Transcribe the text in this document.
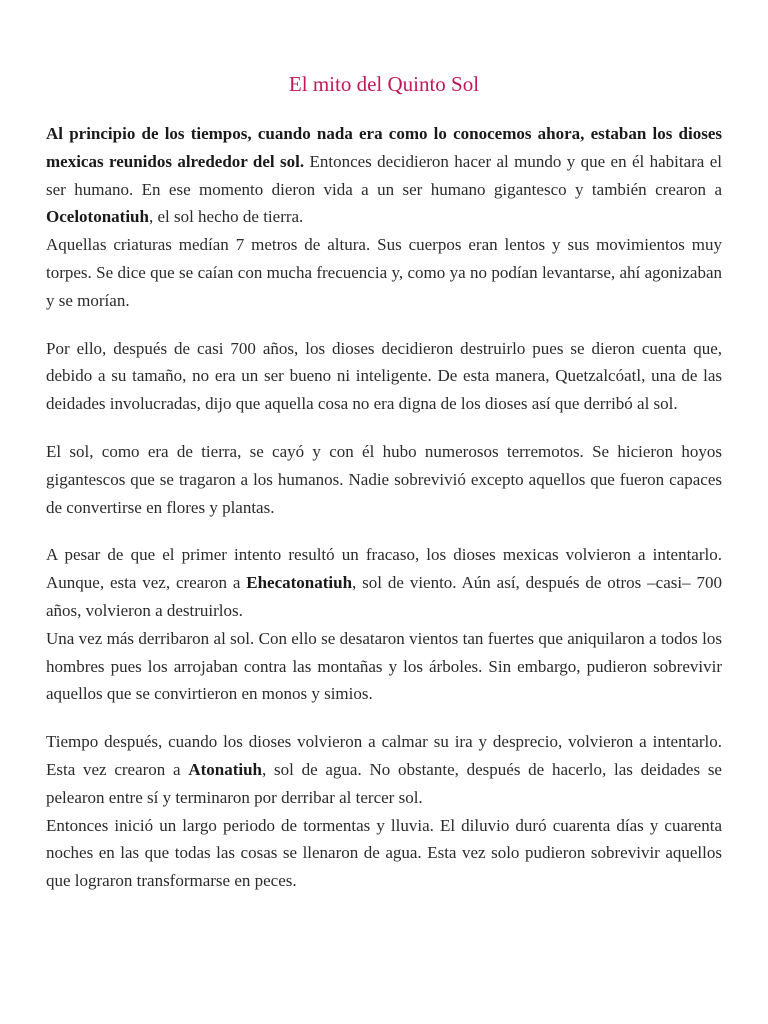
El mito del Quinto Sol

Al principio de los tiempos, cuando nada era como lo conocemos ahora, estaban los dioses mexicas reunidos alrededor del sol. Entonces decidieron hacer al mundo y que en él habitara el ser humano. En ese momento dieron vida a un ser humano gigantesco y también crearon a Ocelotonatiuh, el sol hecho de tierra.

Aquellas criaturas medían 7 metros de altura. Sus cuerpos eran lentos y sus movimientos muy torpes. Se dice que se caían con mucha frecuencia y, como ya no podían levantarse, ahí agonizaban y se morían.

Por ello, después de casi 700 años, los dioses decidieron destruirlo pues se dieron cuenta que, debido a su tamaño, no era un ser bueno ni inteligente. De esta manera, Quetzalcóatl, una de las deidades involucradas, dijo que aquella cosa no era digna de los dioses así que derribó al sol.

El sol, como era de tierra, se cayó y con él hubo numerosos terremotos. Se hicieron hoyos gigantescos que se tragaron a los humanos. Nadie sobrevivió excepto aquellos que fueron capaces de convertirse en flores y plantas.

A pesar de que el primer intento resultó un fracaso, los dioses mexicas volvieron a intentarlo. Aunque, esta vez, crearon a Ehecatonatiuh, sol de viento. Aún así, después de otros –casi– 700 años, volvieron a destruirlos.

Una vez más derribaron al sol. Con ello se desataron vientos tan fuertes que aniquilaron a todos los hombres pues los arrojaban contra las montañas y los árboles. Sin embargo, pudieron sobrevivir aquellos que se convirtieron en monos y simios.

Tiempo después, cuando los dioses volvieron a calmar su ira y desprecio, volvieron a intentarlo. Esta vez crearon a Atonatiuh, sol de agua. No obstante, después de hacerlo, las deidades se pelearon entre sí y terminaron por derribar al tercer sol.

Entonces inició un largo periodo de tormentas y lluvia. El diluvio duró cuarenta días y cuarenta noches en las que todas las cosas se llenaron de agua. Esta vez solo pudieron sobrevivir aquellos que lograron transformarse en peces.
